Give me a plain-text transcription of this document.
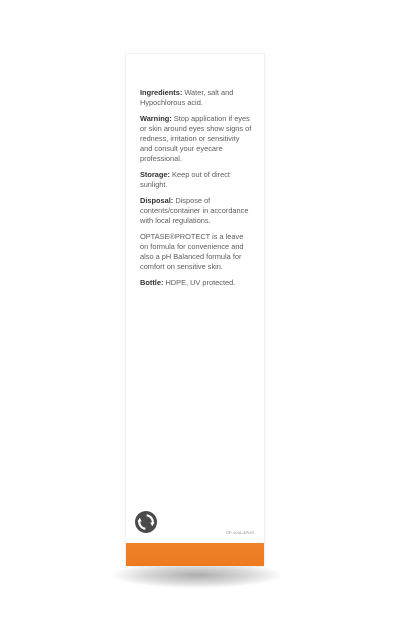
Ingredients: Water, salt and Hypochlorous acid.

Warning: Stop application if eyes or skin around eyes show signs of redness, irritation or sensitivity and consult your eyecare professional.

Storage: Keep out of direct sunlight.

Disposal: Dispose of contents/container in accordance with local regulations.

OPTASE®PROTECT is a leave on formula for convenience and also a pH Balanced formula for comfort on sensitive skin.

Bottle: HDPE, UV protected.

OP-10IA-3PUS
